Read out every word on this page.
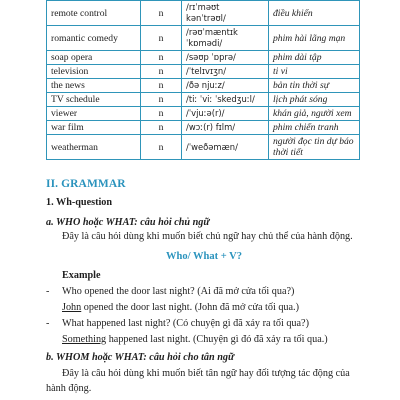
remote control	n	/rɪˈməʊt
kənˈtrəʊl/	điều khiển
romantic comedy	n	/rəʊˈmæntɪk
ˈkɒmədi/	phim hài lãng mạn
soap opera	n	/səʊp ˈɒprə/	phim dài tập
television	n	/ˈtelɪvɪʒn/	ti vi
the news	n	/ðə njuːz/	bản tin thời sự
TV schedule	n	/tiː ˈviː ˈskedʒuːl/	lịch phát sóng
viewer	n	/ˈvjuːə(r)/	khán giả, người xem
war film	n	/wɔː(r) fɪlm/	phim chiến tranh
weatherman	n	/ˈweðəmæn/	người đọc tin dự báo thời tiết
II. GRAMMAR
1. Wh-question
a. WHO hoặc WHAT: câu hỏi chủ ngữ
Đây là câu hỏi dùng khi muốn biết chủ ngữ hay chủ thể của hành động.
Who/ What + V?
Example
- Who opened the door last night? (Ai đã mở cửa tối qua?)
John opened the door last night. (John đã mở cửa tối qua.)
- What happened last night? (Có chuyện gì đã xảy ra tối qua?)
Something happened last night. (Chuyện gì đó đã xảy ra tối qua.)
b. WHOM hoặc WHAT: câu hỏi cho tân ngữ
Đây là câu hỏi dùng khi muốn biết tân ngữ hay đối tượng tác động của hành động.
